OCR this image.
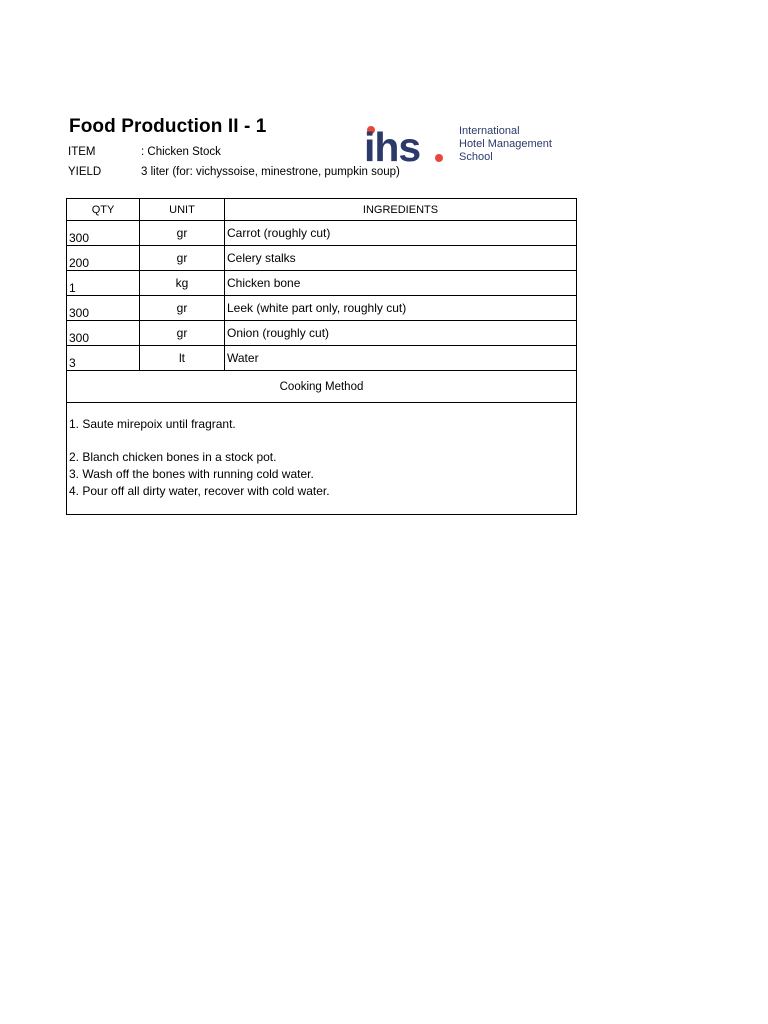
Food Production II - 1
ITEM	: Chicken Stock
YIELD	3 liter (for: vichyssoise, minestrone, pumpkin soup)
ihs	International
Hotel Management
School
QTY	UNIT	INGREDIENTS
300	gr	Carrot (roughly cut)
200	gr	Celery stalks
1	kg	Chicken bone
300	gr	Leek (white part only, roughly cut)
300	gr	Onion (roughly cut)
3	lt	Water
Cooking Method		

1. Saute mirepoix until fragrant.
2. Blanch chicken bones in a stock pot.
3. Wash off the bones with running cold water.
4. Pour off all dirty water, recover with cold water.		
